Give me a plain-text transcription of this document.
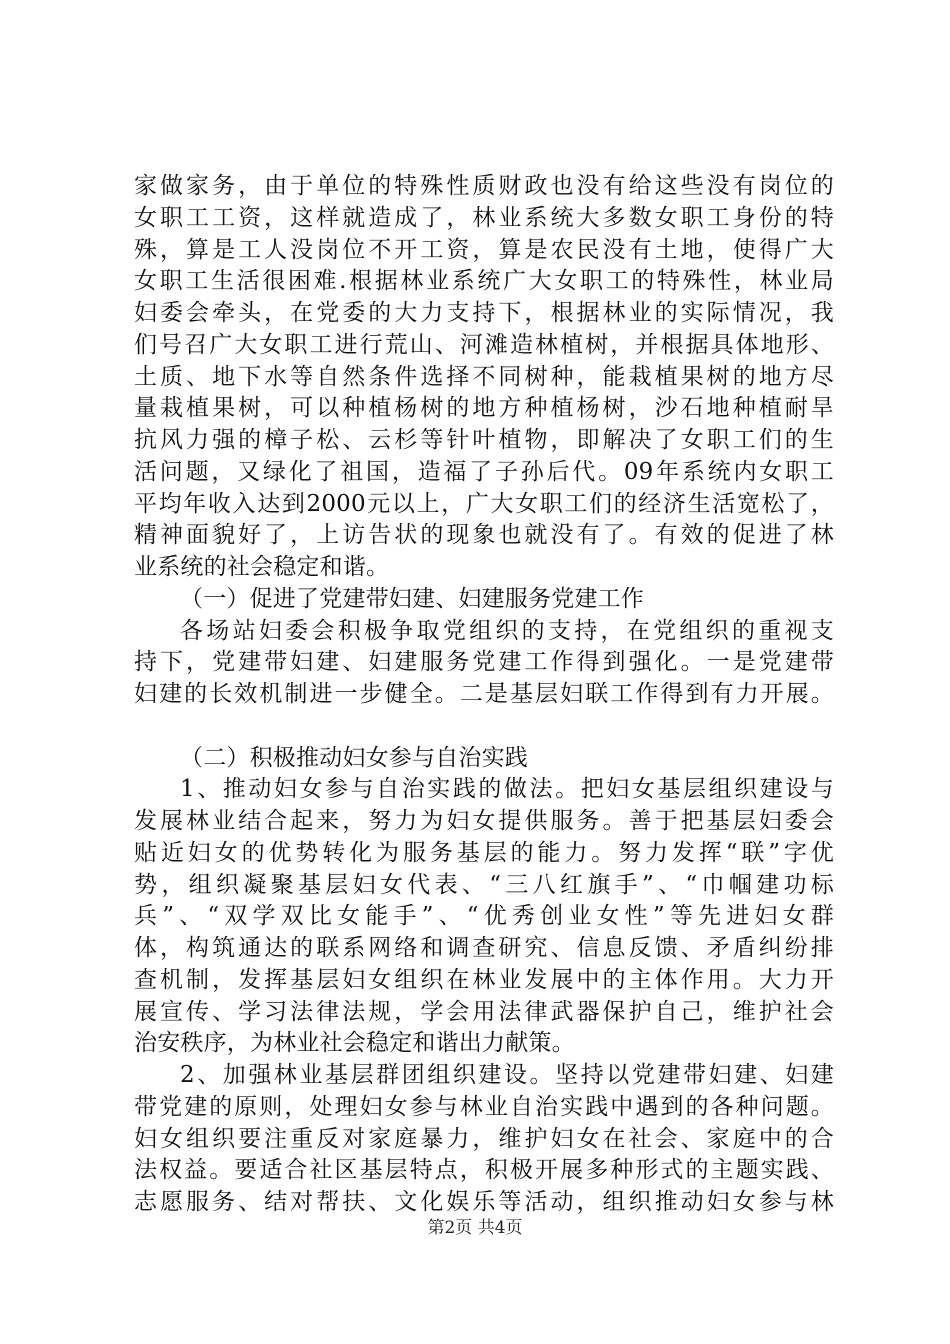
家做家务，由于单位的特殊性质财政也没有给这些没有岗位的
女职工工资，这样就造成了，林业系统大多数女职工身份的特
殊，算是工人没岗位不开工资，算是农民没有土地，使得广大
女职工生活很困难.根据林业系统广大女职工的特殊性，林业局
妇委会牵头，在党委的大力支持下，根据林业的实际情况，我
们号召广大女职工进行荒山、河滩造林植树，并根据具体地形、
土质、地下水等自然条件选择不同树种，能栽植果树的地方尽
量栽植果树，可以种植杨树的地方种植杨树，沙石地种植耐旱
抗风力强的樟子松、云杉等针叶植物，即解决了女职工们的生
活问题，又绿化了祖国，造福了子孙后代。09年系统内女职工
平均年收入达到2000元以上，广大女职工们的经济生活宽松了，
精神面貌好了，上访告状的现象也就没有了。有效的促进了林
业系统的社会稳定和谐。
（一）促进了党建带妇建、妇建服务党建工作
各场站妇委会积极争取党组织的支持，在党组织的重视支
持下，党建带妇建、妇建服务党建工作得到强化。一是党建带
妇建的长效机制进一步健全。二是基层妇联工作得到有力开展。
（二）积极推动妇女参与自治实践
1、推动妇女参与自治实践的做法。把妇女基层组织建设与
发展林业结合起来，努力为妇女提供服务。善于把基层妇委会
贴近妇女的优势转化为服务基层的能力。努力发挥“联”字优
势，组织凝聚基层妇女代表、“三八红旗手”、“巾帼建功标
兵”、“双学双比女能手”、“优秀创业女性”等先进妇女群
体，构筑通达的联系网络和调查研究、信息反馈、矛盾纠纷排
查机制，发挥基层妇女组织在林业发展中的主体作用。大力开
展宣传、学习法律法规，学会用法律武器保护自己，维护社会
治安秩序，为林业社会稳定和谐出力献策。
2、加强林业基层群团组织建设。坚持以党建带妇建、妇建
带党建的原则，处理妇女参与林业自治实践中遇到的各种问题。
妇女组织要注重反对家庭暴力，维护妇女在社会、家庭中的合
法权益。要适合社区基层特点，积极开展多种形式的主题实践、
志愿服务、结对帮扶、文化娱乐等活动，组织推动妇女参与林
第2页 共4页
